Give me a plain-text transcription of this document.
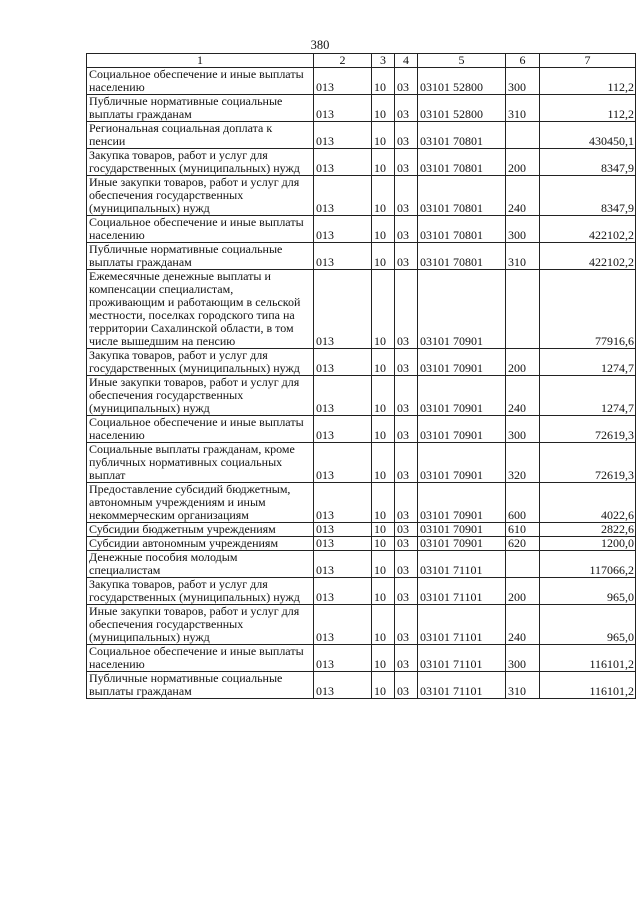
380
1	2	3	4	5	6	7
Социальное обеспечение и иные выплаты населению	013	10	03	03101 52800	300	112,2
Публичные нормативные социальные выплаты гражданам	013	10	03	03101 52800	310	112,2
Региональная социальная доплата к пенсии	013	10	03	03101 70801		430450,1
Закупка товаров, работ и услуг для государственных (муниципальных) нужд	013	10	03	03101 70801	200	8347,9
Иные закупки товаров, работ и услуг для обеспечения государственных (муниципальных) нужд	013	10	03	03101 70801	240	8347,9
Социальное обеспечение и иные выплаты населению	013	10	03	03101 70801	300	422102,2
Публичные нормативные социальные выплаты гражданам	013	10	03	03101 70801	310	422102,2
Ежемесячные денежные выплаты и компенсации специалистам, проживающим и работающим в сельской местности, поселках городского типа на территории Сахалинской области, в том числе вышедшим на пенсию	013	10	03	03101 70901		77916,6
Закупка товаров, работ и услуг для государственных (муниципальных) нужд	013	10	03	03101 70901	200	1274,7
Иные закупки товаров, работ и услуг для обеспечения государственных (муниципальных) нужд	013	10	03	03101 70901	240	1274,7
Социальное обеспечение и иные выплаты населению	013	10	03	03101 70901	300	72619,3
Социальные выплаты гражданам, кроме публичных нормативных социальных выплат	013	10	03	03101 70901	320	72619,3
Предоставление субсидий бюджетным, автономным учреждениям и иным некоммерческим организациям	013	10	03	03101 70901	600	4022,6
Субсидии бюджетным учреждениям	013	10	03	03101 70901	610	2822,6
Субсидии автономным учреждениям	013	10	03	03101 70901	620	1200,0
Денежные пособия молодым специалистам	013	10	03	03101 71101		117066,2
Закупка товаров, работ и услуг для государственных (муниципальных) нужд	013	10	03	03101 71101	200	965,0
Иные закупки товаров, работ и услуг для обеспечения государственных (муниципальных) нужд	013	10	03	03101 71101	240	965,0
Социальное обеспечение и иные выплаты населению	013	10	03	03101 71101	300	116101,2
Публичные нормативные социальные выплаты гражданам	013	10	03	03101 71101	310	116101,2
